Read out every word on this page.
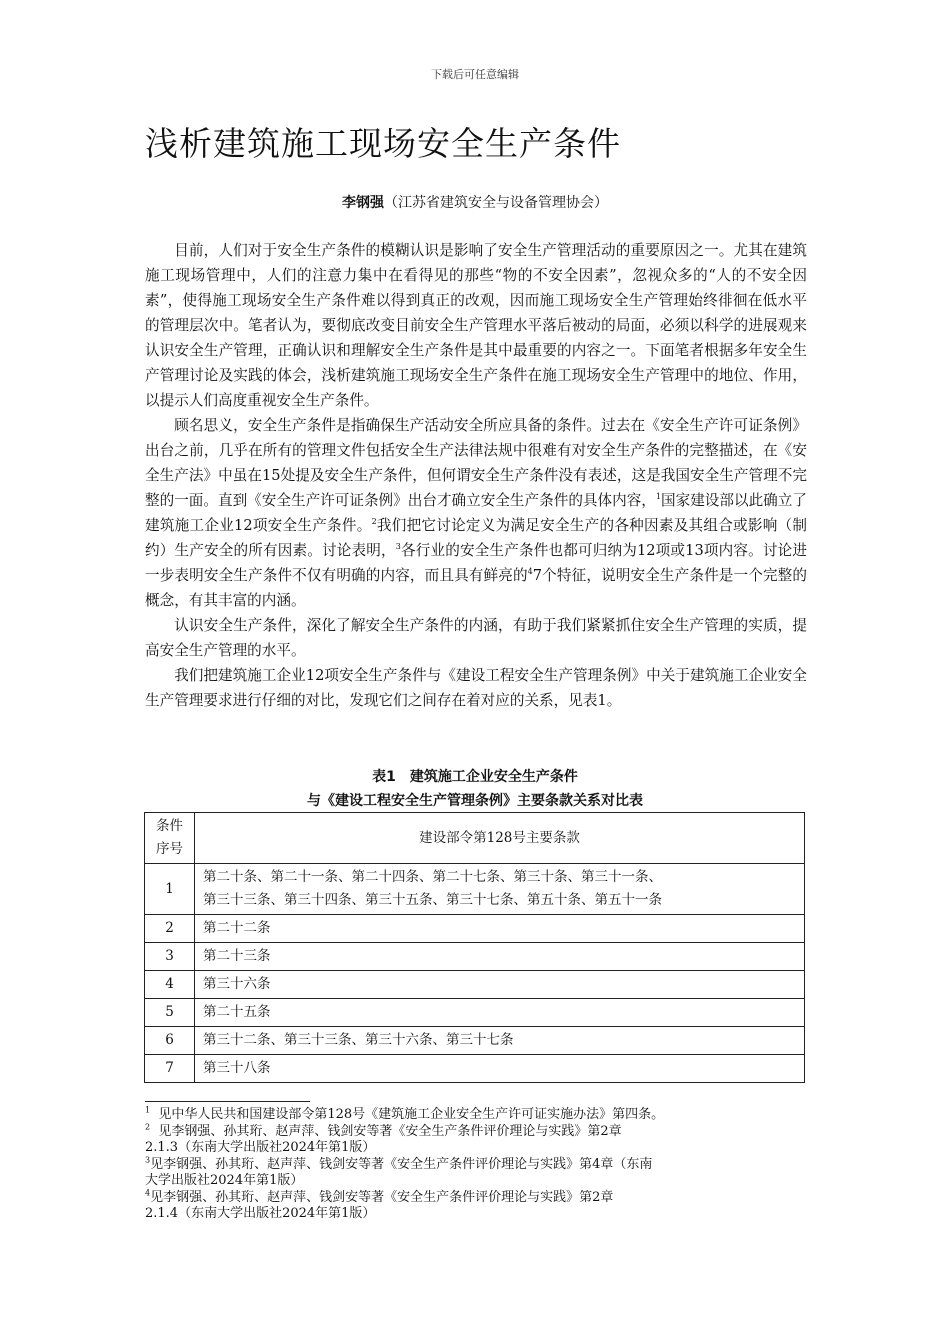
下载后可任意编辑
浅析建筑施工现场安全生产条件
李钢强（江苏省建筑安全与设备管理协会）

目前，人们对于安全生产条件的模糊认识是影响了安全生产管理活动的重要原因之一。尤其在建筑施工现场管理中，人们的注意力集中在看得见的那些“物的不安全因素”，忽视众多的“人的不安全因素”，使得施工现场安全生产条件难以得到真正的改观，因而施工现场安全生产管理始终徘徊在低水平的管理层次中。笔者认为，要彻底改变目前安全生产管理水平落后被动的局面，必须以科学的进展观来认识安全生产管理，正确认识和理解安全生产条件是其中最重要的内容之一。下面笔者根据多年安全生产管理讨论及实践的体会，浅析建筑施工现场安全生产条件在施工现场安全生产管理中的地位、作用，以提示人们高度重视安全生产条件。

顾名思义，安全生产条件是指确保生产活动安全所应具备的条件。过去在《安全生产许可证条例》出台之前，几乎在所有的管理文件包括安全生产法律法规中很难有对安全生产条件的完整描述，在《安全生产法》中虽在15处提及安全生产条件，但何谓安全生产条件没有表述，这是我国安全生产管理不完整的一面。直到《安全生产许可证条例》出台才确立安全生产条件的具体内容，$^1$国家建设部以此确立了建筑施工企业12项安全生产条件。$^2$我们把它讨论定义为满足安全生产的各种因素及其组合或影响（制约）生产安全的所有因素。讨论表明，$^3$各行业的安全生产条件也都可归纳为12项或13项内容。讨论进一步表明安全生产条件不仅有明确的内容，而且具有鲜亮的$^4$7个特征，说明安全生产条件是一个完整的概念，有其丰富的内涵。

认识安全生产条件，深化了解安全生产条件的内涵，有助于我们紧紧抓住安全生产管理的实质，提高安全生产管理的水平。

我们把建筑施工企业12项安全生产条件与《建设工程安全生产管理条例》中关于建筑施工企业安全生产管理要求进行仔细的对比，发现它们之间存在着对应的关系，见表1。

表1　建筑施工企业安全生产条件
与《建设工程安全生产管理条例》主要条款关系对比表
条件
序号	建设部令第128号主要条款
1	第二十条、第二十一条、第二十四条、第二十七条、第三十条、第三十一条、
第三十三条、第三十四条、第三十五条、第三十七条、第五十条、第五十一条
2	第二十二条
3	第二十三条
4	第三十六条
5	第二十五条
6	第三十二条、第三十三条、第三十六条、第三十七条
7	第三十八条
$^1$ 见中华人民共和国建设部令第128号《建筑施工企业安全生产许可证实施办法》第四条。
$^2$ 见李钢强、孙其珩、赵声萍、钱剑安等著《安全生产条件评价理论与实践》第2章
2.1.3（东南大学出版社2024年第1版）
$^3$见李钢强、孙其珩、赵声萍、钱剑安等著《安全生产条件评价理论与实践》第4章（东南
大学出版社2024年第1版）
$^4$见李钢强、孙其珩、赵声萍、钱剑安等著《安全生产条件评价理论与实践》第2章
2.1.4（东南大学出版社2024年第1版）
